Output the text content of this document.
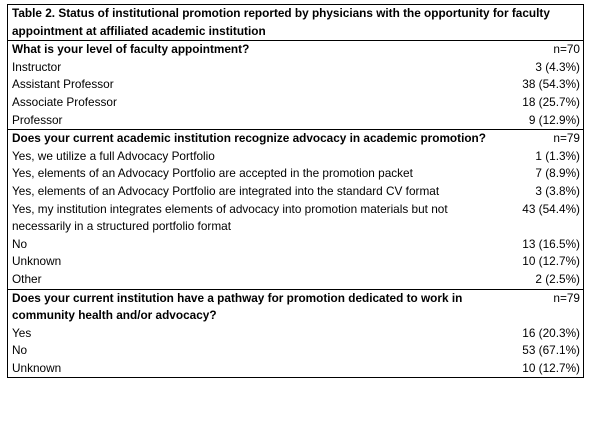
Table 2. Status of institutional promotion reported by physicians with the opportunity for faculty appointment at affiliated academic institution	
What is your level of faculty appointment?	n=70
Instructor	3 (4.3%)
Assistant Professor	38 (54.3%)
Associate Professor	18 (25.7%)
Professor	9 (12.9%)
Does your current academic institution recognize advocacy in academic promotion?	n=79
Yes, we utilize a full Advocacy Portfolio	1 (1.3%)
Yes, elements of an Advocacy Portfolio are accepted in the promotion packet	7 (8.9%)
Yes, elements of an Advocacy Portfolio are integrated into the standard CV format	3 (3.8%)
Yes, my institution integrates elements of advocacy into promotion materials but not necessarily in a structured portfolio format	43 (54.4%)
No	13 (16.5%)
Unknown	10 (12.7%)
Other	2 (2.5%)
Does your current institution have a pathway for promotion dedicated to work in community health and/or advocacy?	n=79
Yes	16 (20.3%)
No	53 (67.1%)
Unknown	10 (12.7%)
